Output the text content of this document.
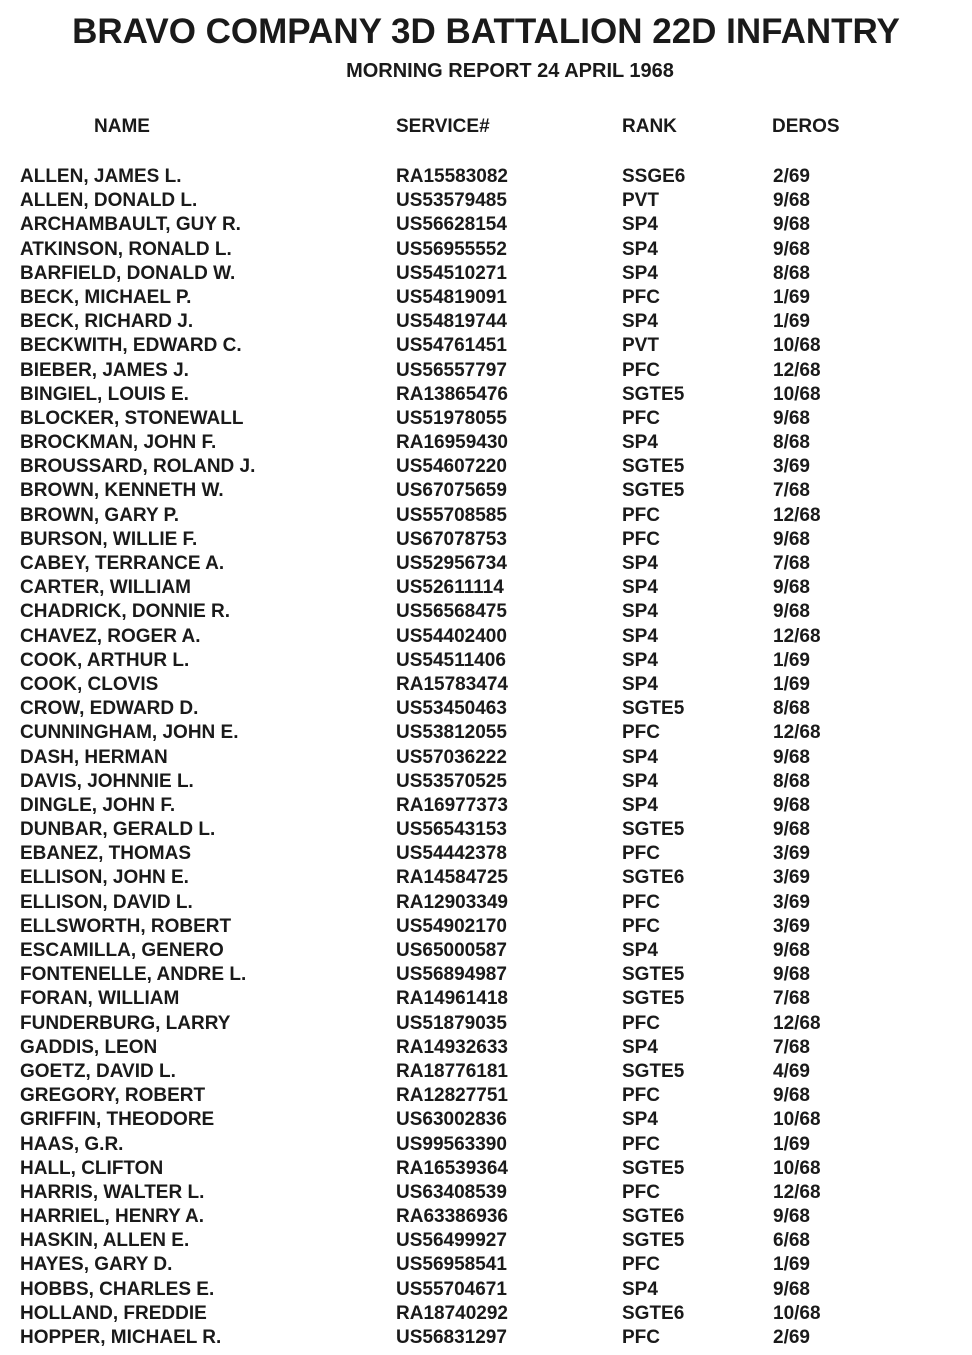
BRAVO COMPANY 3D BATTALION 22D INFANTRY
MORNING REPORT 24 APRIL 1968
NAME	SERVICE#	RANK	DEROS
ALLEN, JAMES L.	RA15583082	SSGE6	2/69
ALLEN, DONALD L.	US53579485	PVT	9/68
ARCHAMBAULT, GUY R.	US56628154	SP4	9/68
ATKINSON, RONALD L.	US56955552	SP4	9/68
BARFIELD, DONALD W.	US54510271	SP4	8/68
BECK, MICHAEL P.	US54819091	PFC	1/69
BECK, RICHARD J.	US54819744	SP4	1/69
BECKWITH, EDWARD C.	US54761451	PVT	10/68
BIEBER, JAMES J.	US56557797	PFC	12/68
BINGIEL, LOUIS E.	RA13865476	SGTE5	10/68
BLOCKER, STONEWALL	US51978055	PFC	9/68
BROCKMAN, JOHN F.	RA16959430	SP4	8/68
BROUSSARD, ROLAND J.	US54607220	SGTE5	3/69
BROWN, KENNETH W.	US67075659	SGTE5	7/68
BROWN, GARY P.	US55708585	PFC	12/68
BURSON, WILLIE F.	US67078753	PFC	9/68
CABEY, TERRANCE A.	US52956734	SP4	7/68
CARTER, WILLIAM	US52611114	SP4	9/68
CHADRICK, DONNIE R.	US56568475	SP4	9/68
CHAVEZ, ROGER A.	US54402400	SP4	12/68
COOK, ARTHUR L.	US54511406	SP4	1/69
COOK, CLOVIS	RA15783474	SP4	1/69
CROW, EDWARD D.	US53450463	SGTE5	8/68
CUNNINGHAM, JOHN E.	US53812055	PFC	12/68
DASH, HERMAN	US57036222	SP4	9/68
DAVIS, JOHNNIE L.	US53570525	SP4	8/68
DINGLE, JOHN F.	RA16977373	SP4	9/68
DUNBAR, GERALD L.	US56543153	SGTE5	9/68
EBANEZ, THOMAS	US54442378	PFC	3/69
ELLISON, JOHN E.	RA14584725	SGTE6	3/69
ELLISON, DAVID L.	RA12903349	PFC	3/69
ELLSWORTH, ROBERT	US54902170	PFC	3/69
ESCAMILLA, GENERO	US65000587	SP4	9/68
FONTENELLE, ANDRE L.	US56894987	SGTE5	9/68
FORAN, WILLIAM	RA14961418	SGTE5	7/68
FUNDERBURG, LARRY	US51879035	PFC	12/68
GADDIS, LEON	RA14932633	SP4	7/68
GOETZ, DAVID L.	RA18776181	SGTE5	4/69
GREGORY, ROBERT	RA12827751	PFC	9/68
GRIFFIN, THEODORE	US63002836	SP4	10/68
HAAS, G.R.	US99563390	PFC	1/69
HALL, CLIFTON	RA16539364	SGTE5	10/68
HARRIS, WALTER L.	US63408539	PFC	12/68
HARRIEL, HENRY A.	RA63386936	SGTE6	9/68
HASKIN, ALLEN E.	US56499927	SGTE5	6/68
HAYES, GARY D.	US56958541	PFC	1/69
HOBBS, CHARLES E.	US55704671	SP4	9/68
HOLLAND, FREDDIE	RA18740292	SGTE6	10/68
HOPPER, MICHAEL R.	US56831297	PFC	2/69
